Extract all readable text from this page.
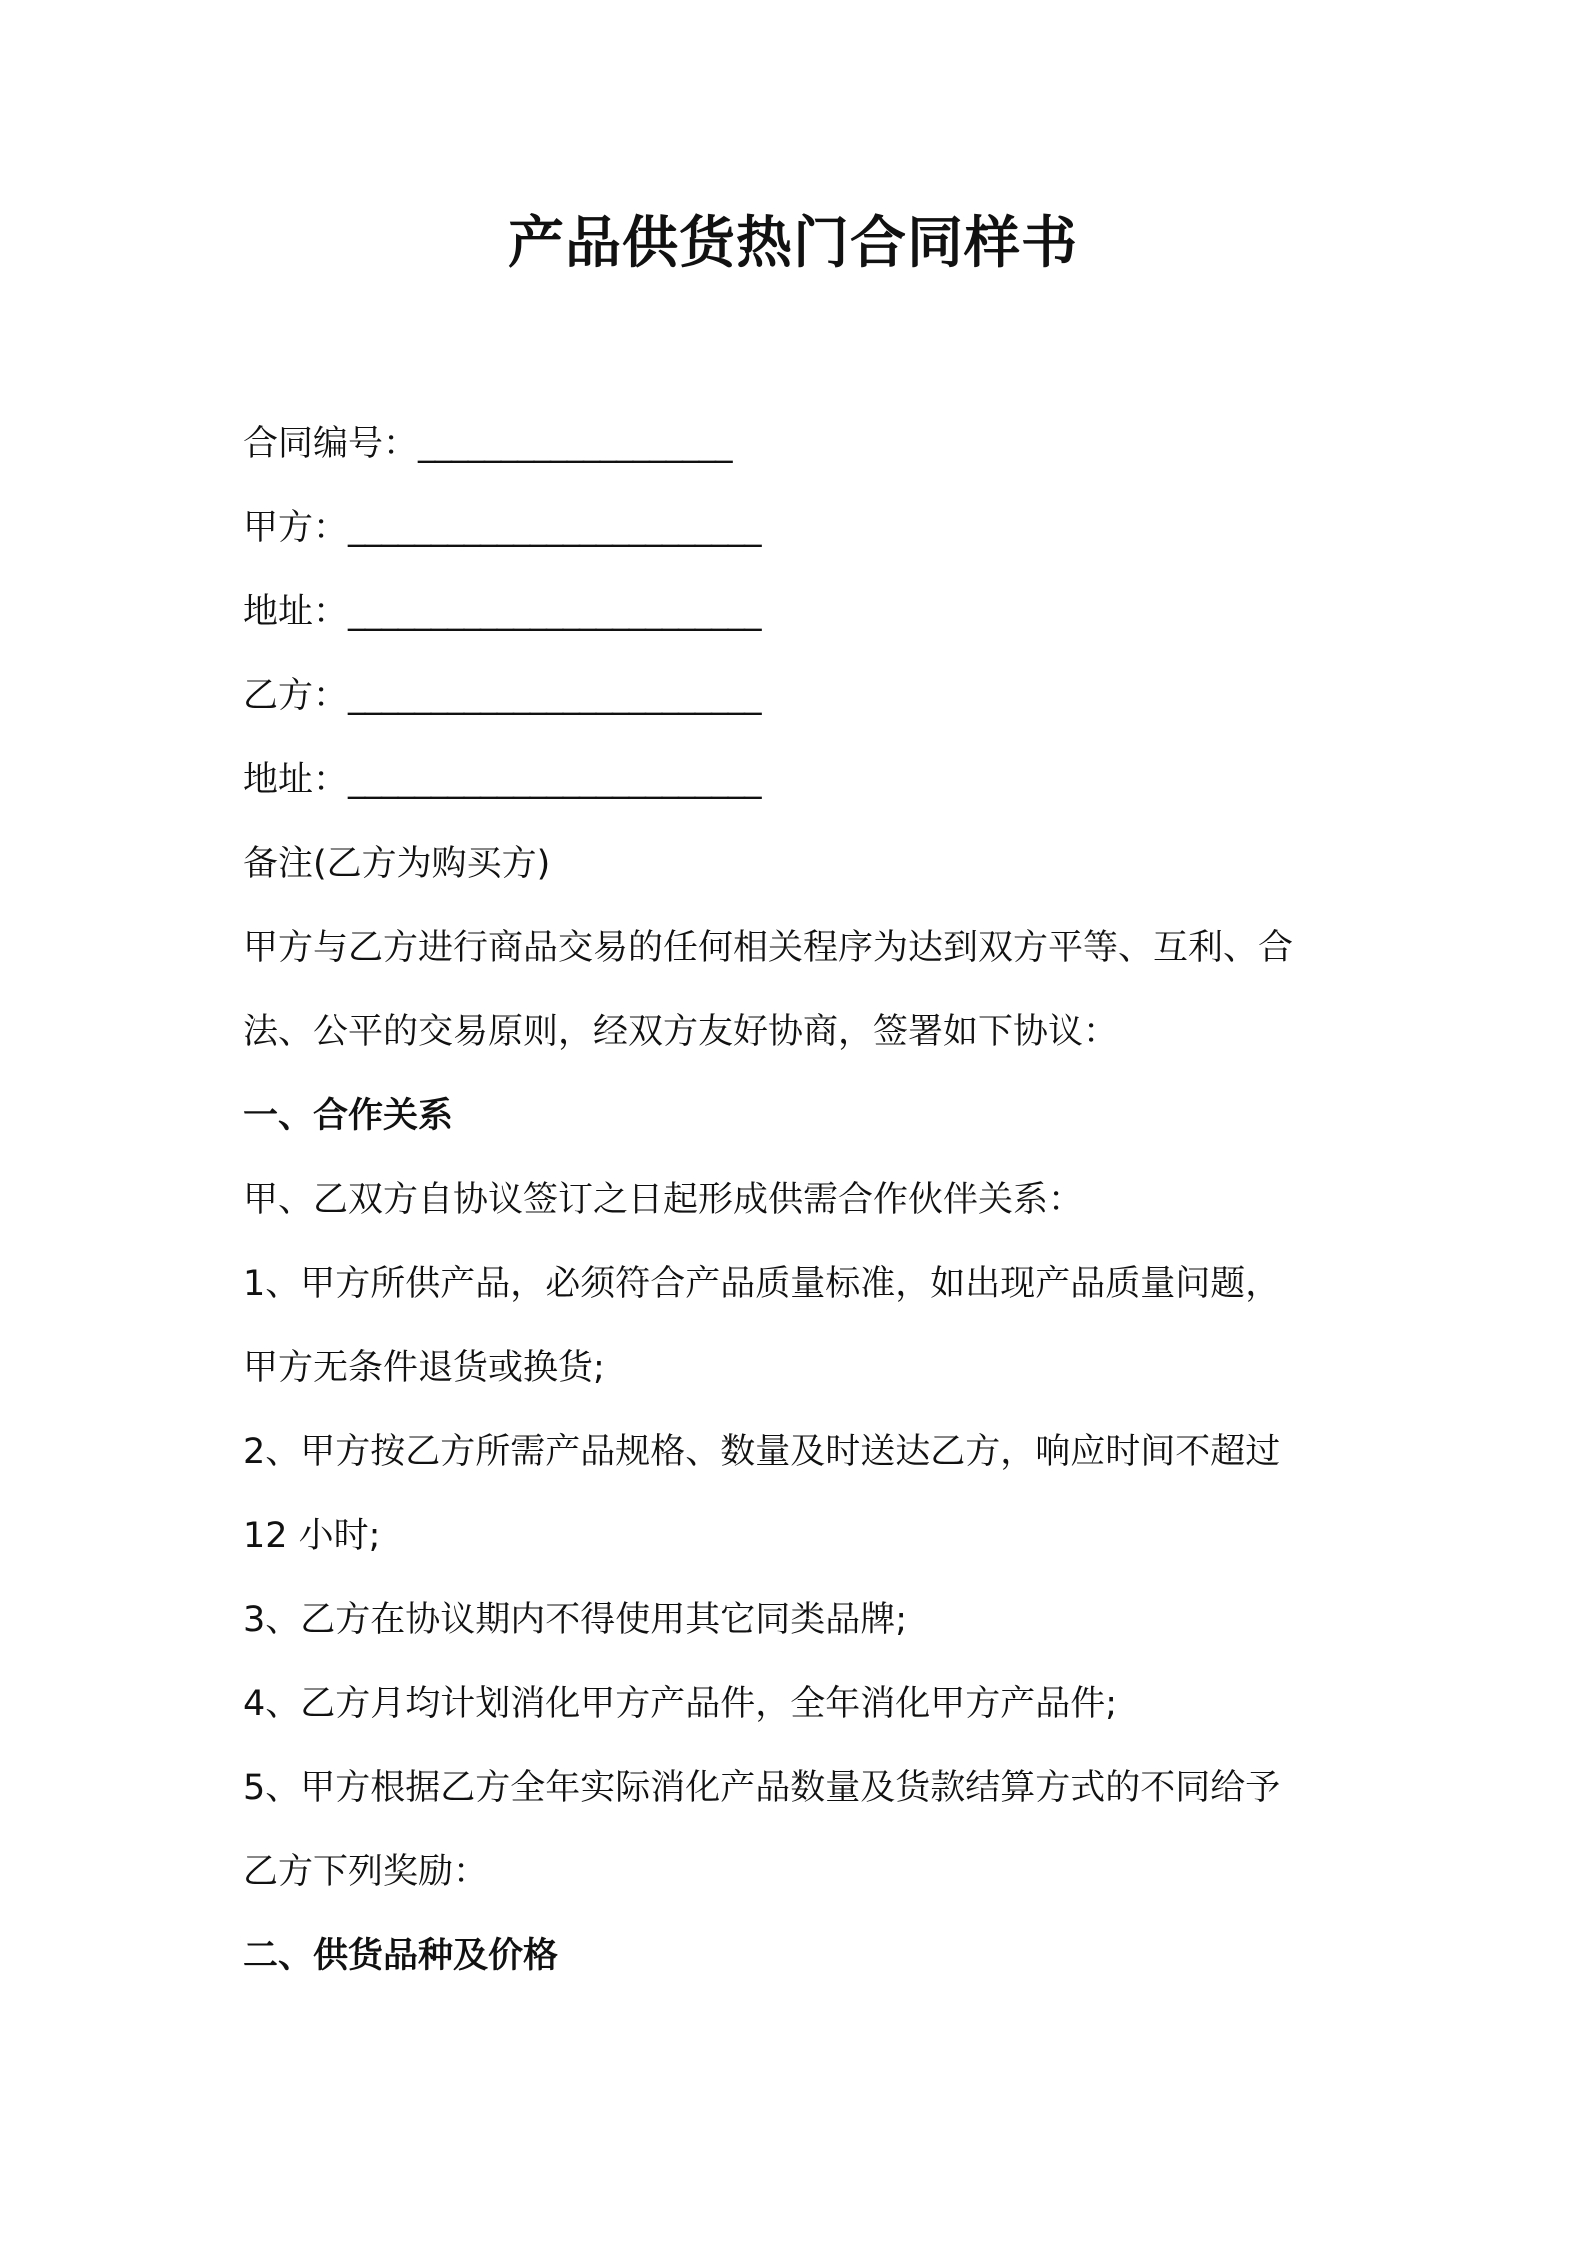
产品供货热门合同样书
合同编号：___________________
甲方：_________________________
地址：_________________________
乙方：_________________________
地址：_________________________
备注(乙方为购买方)
甲方与乙方进行商品交易的任何相关程序为达到双方平等、互利、合
法、公平的交易原则，经双方友好协商，签署如下协议：
一、合作关系
甲、乙双方自协议签订之日起形成供需合作伙伴关系：
1、甲方所供产品，必须符合产品质量标准，如出现产品质量问题，
甲方无条件退货或换货;
2、甲方按乙方所需产品规格、数量及时送达乙方，响应时间不超过
12 小时;
3、乙方在协议期内不得使用其它同类品牌;
4、乙方月均计划消化甲方产品件，全年消化甲方产品件;
5、甲方根据乙方全年实际消化产品数量及货款结算方式的不同给予
乙方下列奖励：
二、供货品种及价格
